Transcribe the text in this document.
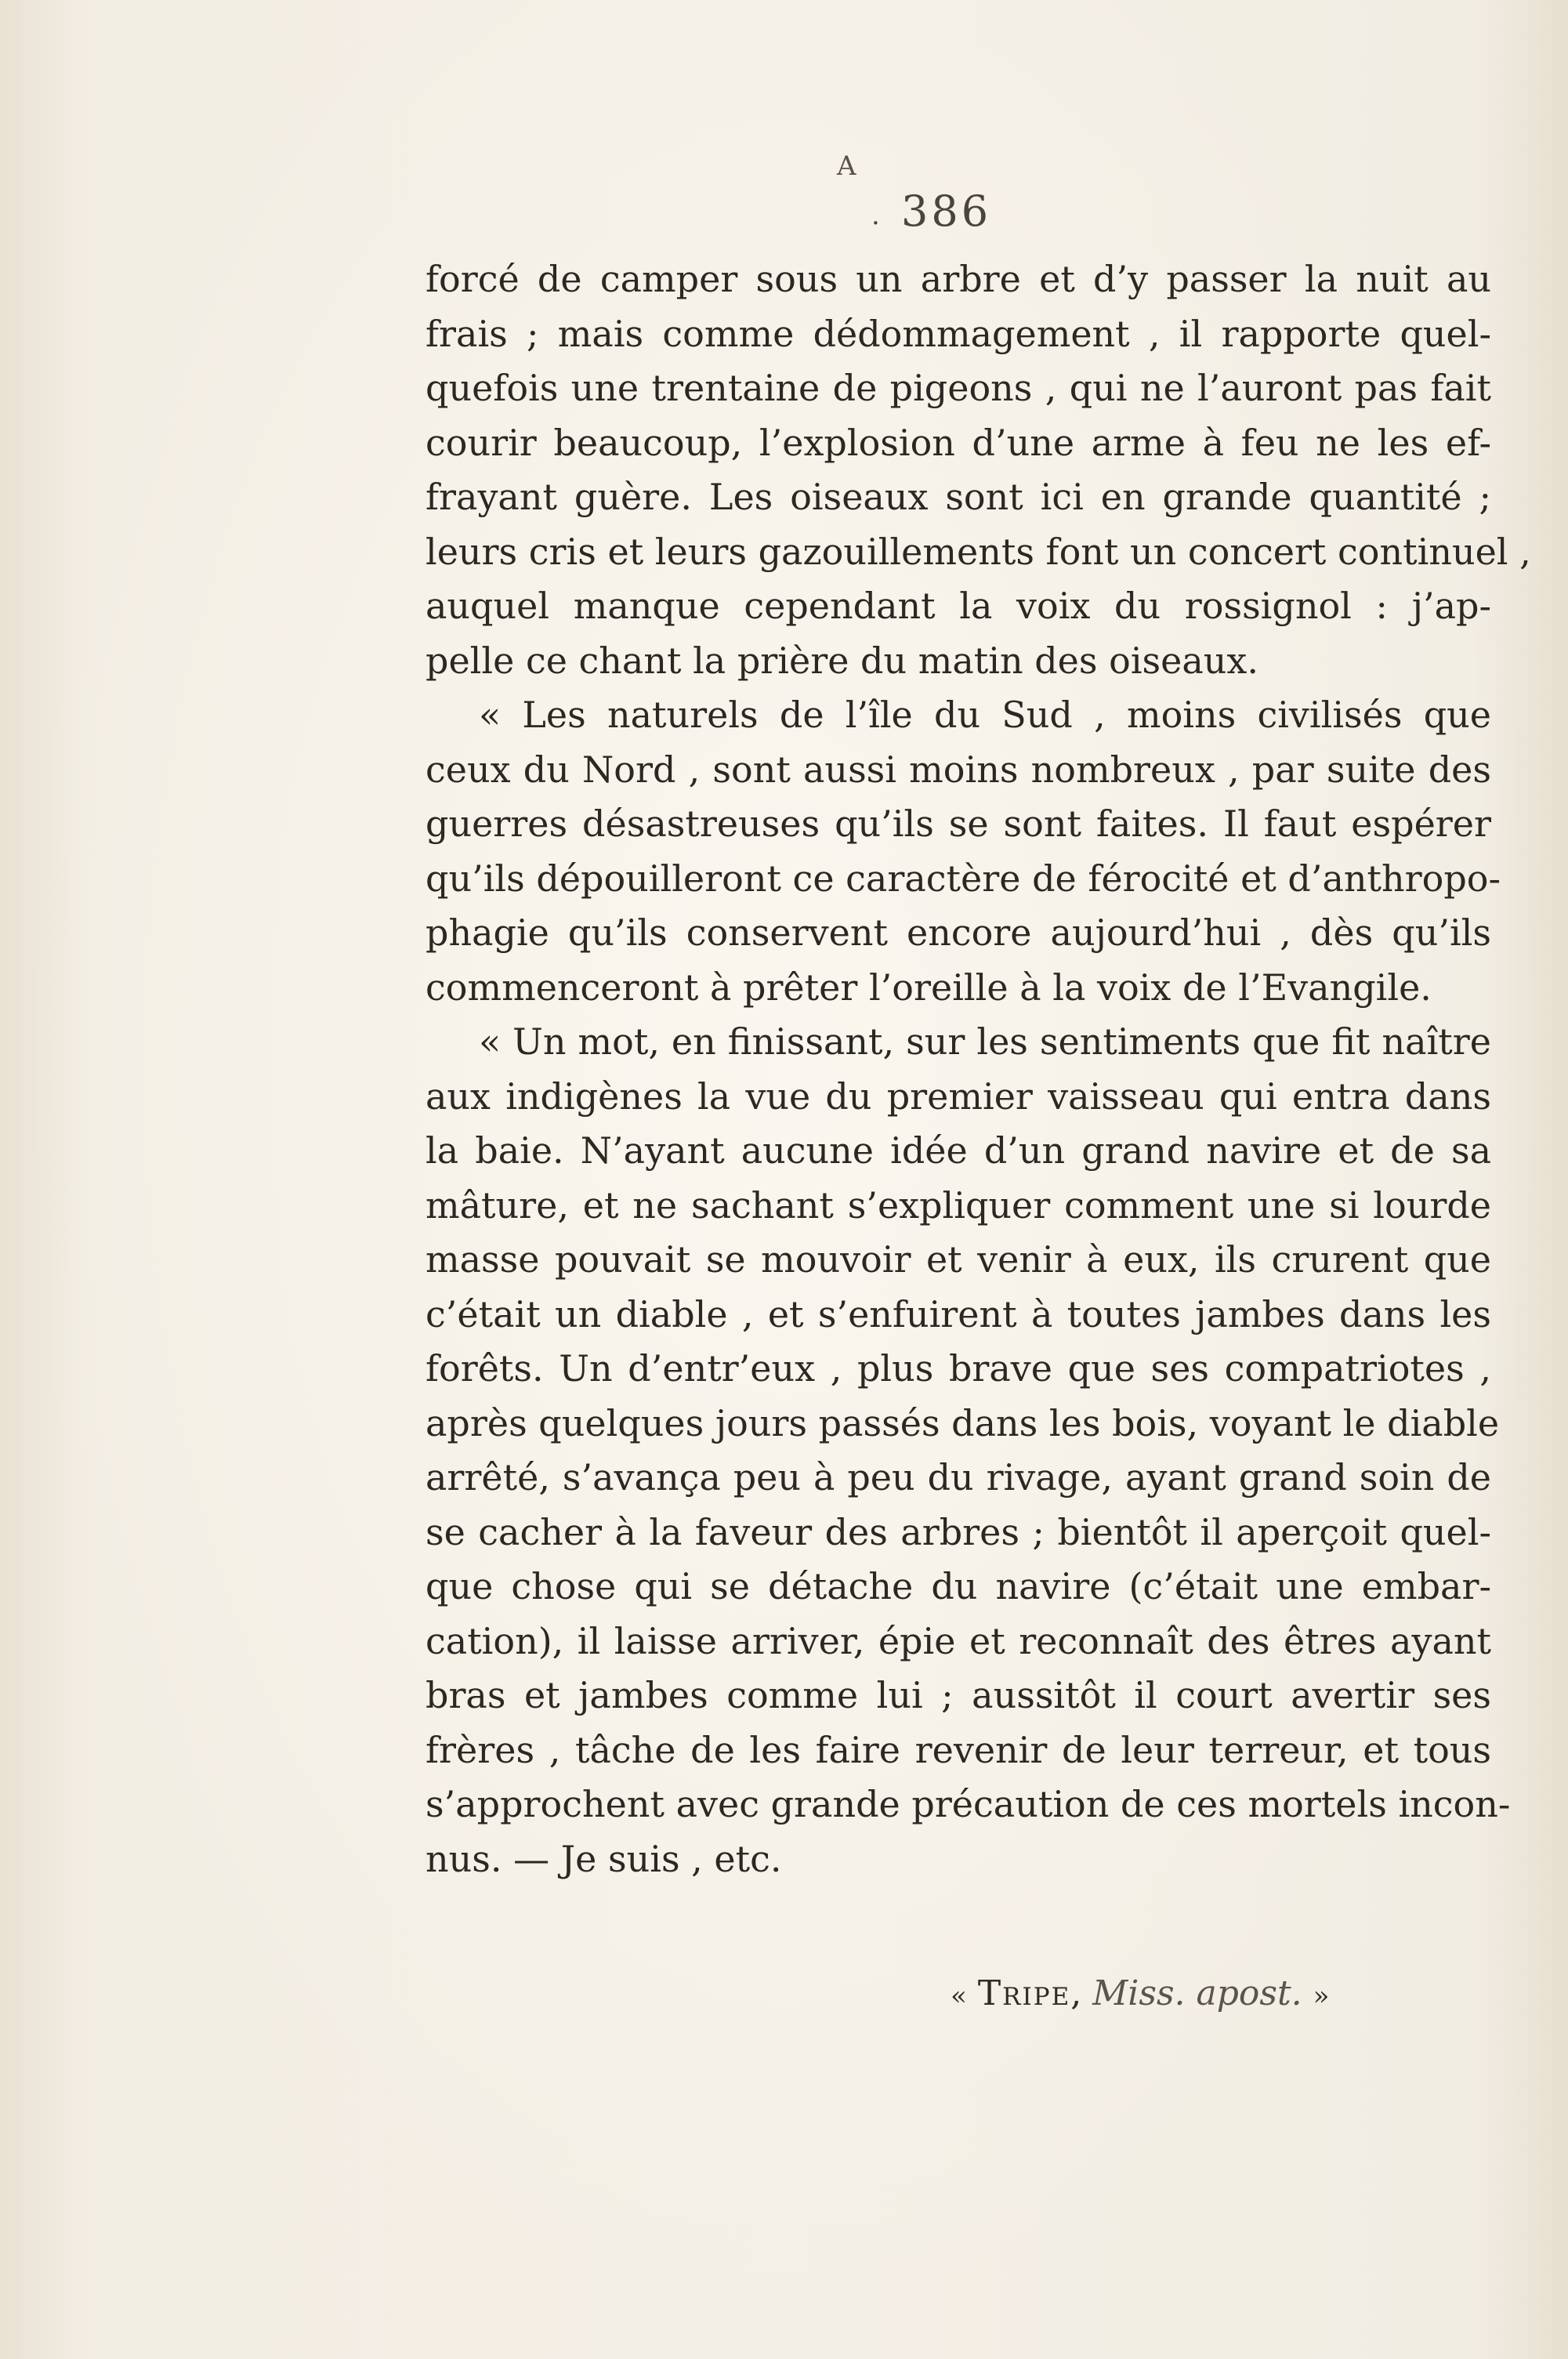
A
. 386
forcé de camper sous un arbre et d’y passer la nuit au
frais ; mais comme dédommagement , il rapporte quel-
quefois une trentaine de pigeons , qui ne l’auront pas fait
courir beaucoup, l’explosion d’une arme à feu ne les ef-
frayant guère. Les oiseaux sont ici en grande quantité ;
leurs cris et leurs gazouillements font un concert continuel ,
auquel manque cependant la voix du rossignol : j’ap-
pelle ce chant la prière du matin des oiseaux.
« Les naturels de l’île du Sud , moins civilisés que
ceux du Nord , sont aussi moins nombreux , par suite des
guerres désastreuses qu’ils se sont faites. Il faut espérer
qu’ils dépouilleront ce caractère de férocité et d’anthropo-
phagie qu’ils conservent encore aujourd’hui , dès qu’ils
commenceront à prêter l’oreille à la voix de l’Evangile.
« Un mot, en finissant, sur les sentiments que fit naître
aux indigènes la vue du premier vaisseau qui entra dans
la baie. N’ayant aucune idée d’un grand navire et de sa
mâture, et ne sachant s’expliquer comment une si lourde
masse pouvait se mouvoir et venir à eux, ils crurent que
c’était un diable , et s’enfuirent à toutes jambes dans les
forêts. Un d’entr’eux , plus brave que ses compatriotes ,
après quelques jours passés dans les bois, voyant le diable
arrêté, s’avança peu à peu du rivage, ayant grand soin de
se cacher à la faveur des arbres ; bientôt il aperçoit quel-
que chose qui se détache du navire (c’était une embar-
cation), il laisse arriver, épie et reconnaît des êtres ayant
bras et jambes comme lui ; aussitôt il court avertir ses
frères , tâche de les faire revenir de leur terreur, et tous
s’approchent avec grande précaution de ces mortels incon-
nus. — Je suis , etc.
« Tripe, Miss. apost. »
